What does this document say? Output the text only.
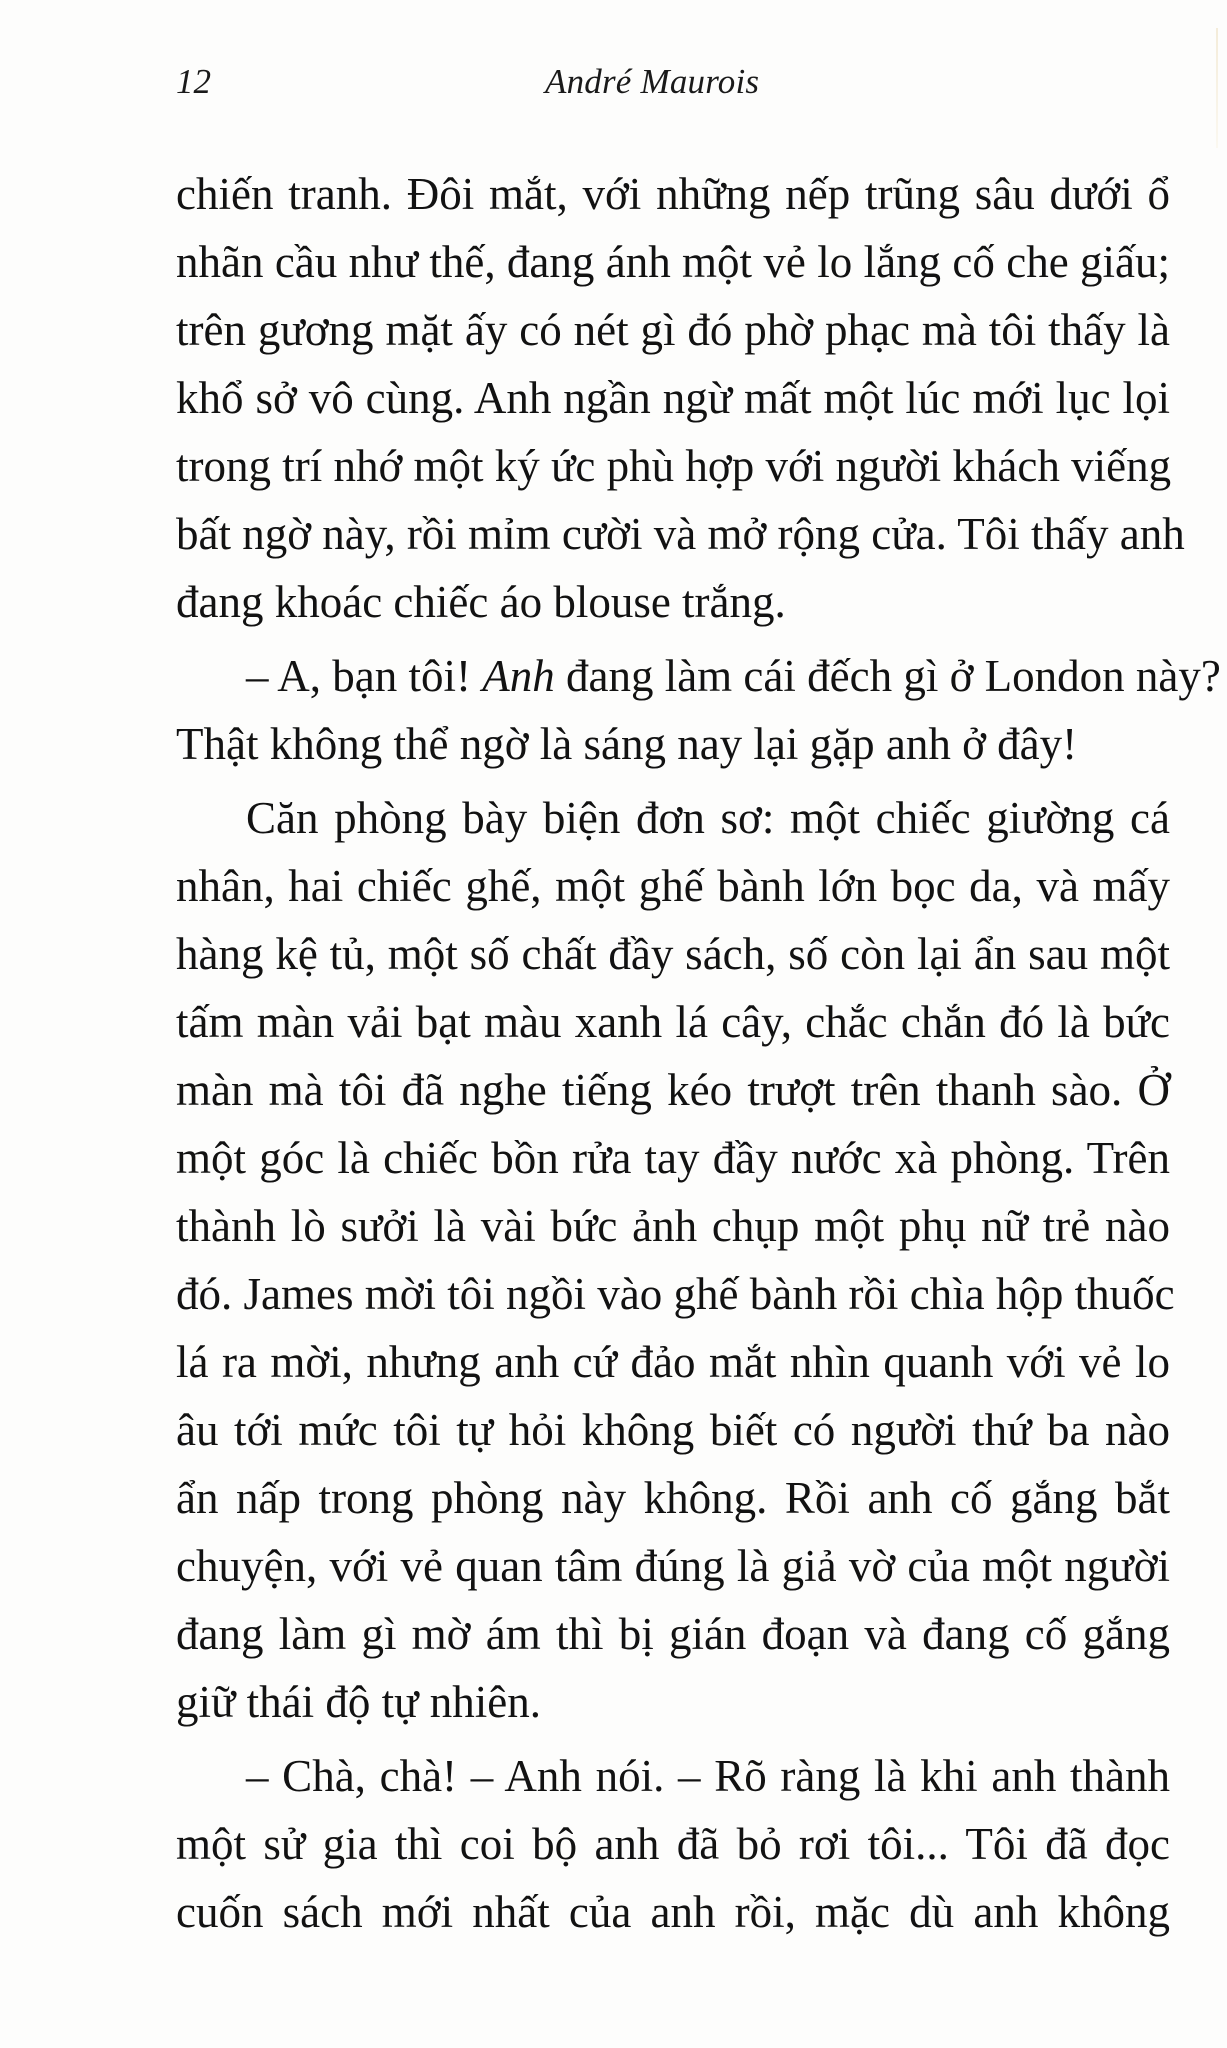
12	André Maurois
chiến tranh. Đôi mắt, với những nếp trũng sâu dưới ổ
nhãn cầu như thế, đang ánh một vẻ lo lắng cố che giấu;
trên gương mặt ấy có nét gì đó phờ phạc mà tôi thấy là
khổ sở vô cùng. Anh ngần ngừ mất một lúc mới lục lọi
trong trí nhớ một ký ức phù hợp với người khách viếng
bất ngờ này, rồi mỉm cười và mở rộng cửa. Tôi thấy anh
đang khoác chiếc áo blouse trắng.
– A, bạn tôi! Anh đang làm cái đếch gì ở London này?
Thật không thể ngờ là sáng nay lại gặp anh ở đây!
Căn phòng bày biện đơn sơ: một chiếc giường cá
nhân, hai chiếc ghế, một ghế bành lớn bọc da, và mấy
hàng kệ tủ, một số chất đầy sách, số còn lại ẩn sau một
tấm màn vải bạt màu xanh lá cây, chắc chắn đó là bức
màn mà tôi đã nghe tiếng kéo trượt trên thanh sào. Ở
một góc là chiếc bồn rửa tay đầy nước xà phòng. Trên
thành lò sưởi là vài bức ảnh chụp một phụ nữ trẻ nào
đó. James mời tôi ngồi vào ghế bành rồi chìa hộp thuốc
lá ra mời, nhưng anh cứ đảo mắt nhìn quanh với vẻ lo
âu tới mức tôi tự hỏi không biết có người thứ ba nào
ẩn nấp trong phòng này không. Rồi anh cố gắng bắt
chuyện, với vẻ quan tâm đúng là giả vờ của một người
đang làm gì mờ ám thì bị gián đoạn và đang cố gắng
giữ thái độ tự nhiên.
– Chà, chà! – Anh nói. – Rõ ràng là khi anh thành
một sử gia thì coi bộ anh đã bỏ rơi tôi... Tôi đã đọc
cuốn sách mới nhất của anh rồi, mặc dù anh không
